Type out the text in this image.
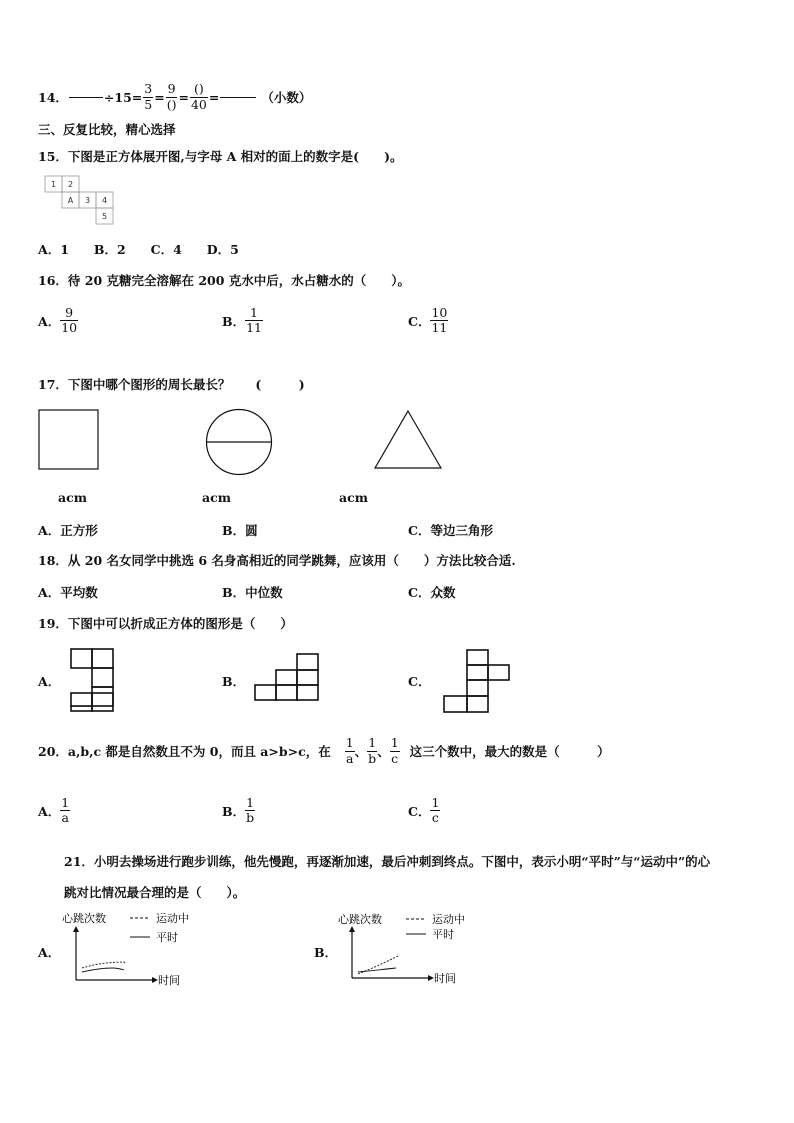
14．	$\div 15= \frac{3}{5} = \frac{9}{()} = \frac{()}{40}$ =	（小数）
三、反复比较，精心选择
15．下图是正方体展开图,与字母 A 相对的面上的数字是(　　)。
1 2
A 3 4
5
A．1　　B．2　　C．4　　D．5
16．待 20 克糖完全溶解在 200 克水中后，水占糖水的（　　）。
A． $\frac{9}{10}$	B． $\frac{1}{11}$	C． $\frac{10}{11}$
17．下图中哪个图形的周长最长？　　(　　　)
acm	acm	acm
A．正方形	B．圆	C．等边三角形
18．从 20 名女同学中挑选 6 名身高相近的同学跳舞，应该用（　　）方法比较合适.
A．平均数	B．中位数	C．众数
19．下图中可以折成正方体的图形是（　　）
A．	B．	C．
20．a,b,c 都是自然数且不为 0，而且 a>b>c，在 $\frac{1}{a}$ 、 $\frac{1}{b}$ 、 $\frac{1}{c}$ 这三个数中，最大的数是（　　　）
A． $\frac{1}{a}$	B． $\frac{1}{b}$	C． $\frac{1}{c}$
21．小明去操场进行跑步训练，他先慢跑，再逐渐加速，最后冲刺到终点。下图中，表示小明“平时”与“运动中”的心
跳对比情况最合理的是（　　）。
A．
心跳次数	运动中
平时
时间
B．
心跳次数	运动中
平时
时间
